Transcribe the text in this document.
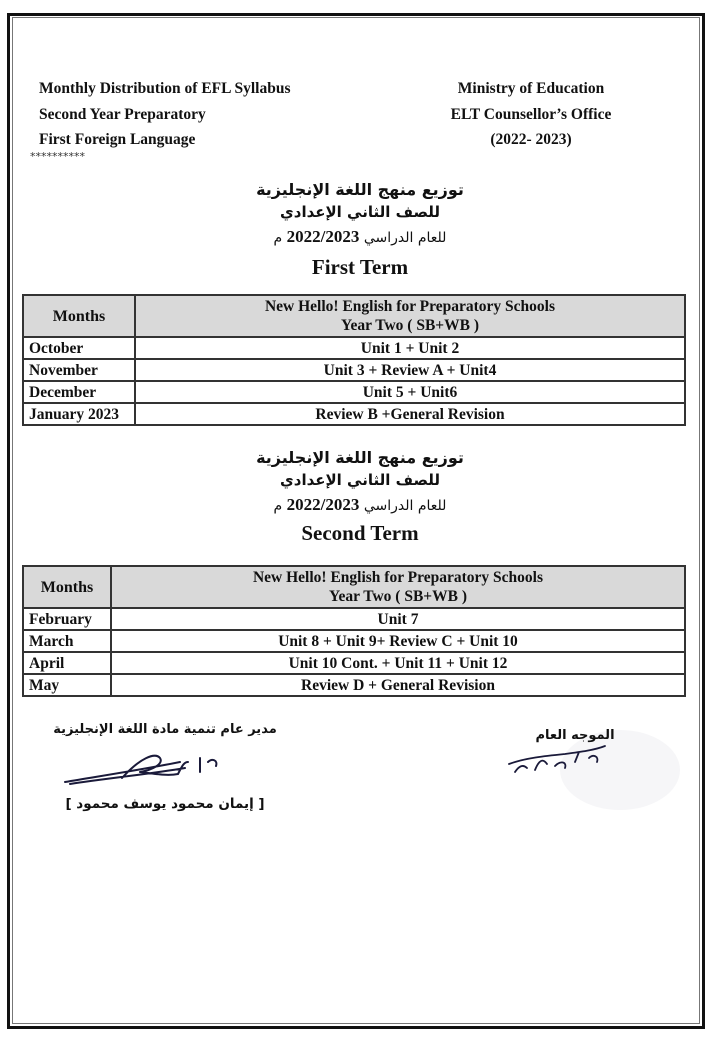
Monthly Distribution of EFL Syllabus
Second Year Preparatory
First Foreign Language
**********
Ministry of Education
ELT Counsellor’s Office
(2022- 2023)
توزيع منهج اللغة الإنجليزية
للصف الثاني الإعدادي
للعام الدراسي 2022/2023 م
First Term
Months	New Hello! English for Preparatory Schools
Year Two ( SB+WB )

October	Unit 1 + Unit 2
November	Unit 3 + Review A + Unit4
December	Unit 5 + Unit6
January 2023	Review B +General Revision
توزيع منهج اللغة الإنجليزية
للصف الثاني الإعدادي
للعام الدراسي 2022/2023 م
Second Term
Months	New Hello! English for Preparatory Schools
Year Two ( SB+WB )

February	Unit 7
March	Unit 8 + Unit 9+ Review C + Unit 10
April	Unit 10 Cont. + Unit 11 + Unit 12
May	Review D + General Revision
مدير عام تنمية مادة اللغة الإنجليزية
[ إيمان محمود يوسف محمود ]
الموجه العام
